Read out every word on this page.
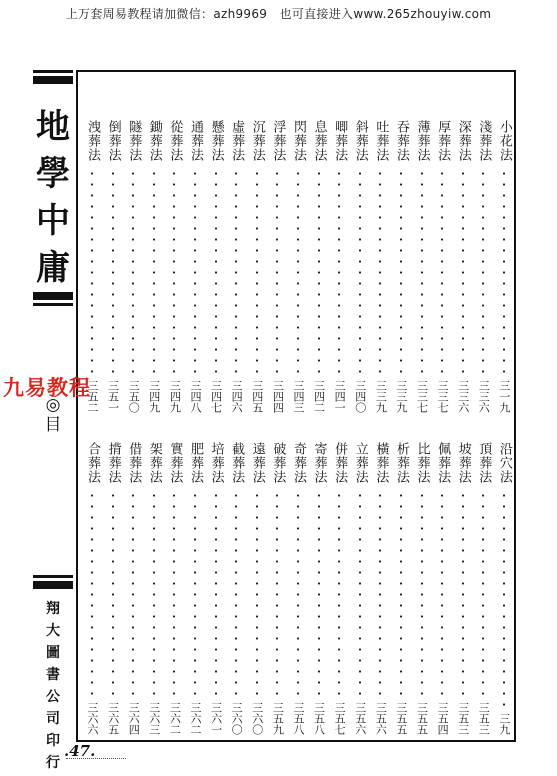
上万套周易教程请加微信：azh9969　也可直接进入www.265zhouyiw.com
地
學
中
庸
◎
目
翔
大
圖
書
公
司
印
行
九易教程
小花法
三一九
沿穴法
三九
淺葬法
三三六
頂葬法
三五三
深葬法
三三六
坡葬法
三五三
厚葬法
三三七
佩葬法
三五四
薄葬法
三三七
比葬法
三五五
吞葬法
三三九
析葬法
三五五
吐葬法
三三九
橫葬法
三五六
斜葬法
三四〇
立葬法
三五六
唧葬法
三四一
併葬法
三五七
息葬法
三四二
寄葬法
三五八
閃葬法
三四三
奇葬法
三五八
浮葬法
三四四
破葬法
三五九
沉葬法
三四五
遠葬法
三六〇
虛葬法
三四六
截葬法
三六〇
懸葬法
三四七
培葬法
三六一
通葬法
三四八
肥葬法
三六二
從葬法
三四九
實葬法
三六二
鋤葬法
三四九
架葬法
三六三
隧葬法
三五〇
借葬法
三六四
倒葬法
三五一
揹葬法
三六五
洩葬法
三五二
合葬法
三六六
.47.
